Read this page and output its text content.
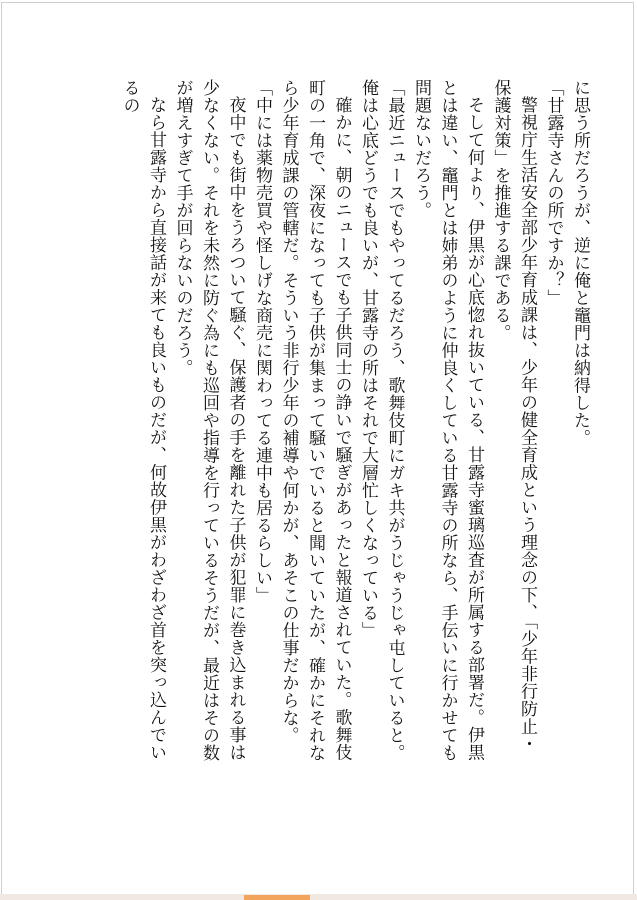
に思う所だろうが、逆に俺と竈門は納得した。

「甘露寺さんの所ですか？」

警視庁生活安全部少年育成課は、少年の健全育成という理念の下、「少年非行防止・保護対策」を推進する課である。

そして何より、伊黒が心底惚れ抜いている、甘露寺蜜璃巡査が所属する部署だ。伊黒とは違い、竈門とは姉弟のように仲良くしている甘露寺の所なら、手伝いに行かせても問題ないだろう。

「最近ニュースでもやってるだろう、歌舞伎町にガキ共がうじゃうじゃ屯していると。俺は心底どうでも良いが、甘露寺の所はそれで大層忙しくなっている」

確かに、朝のニュースでも子供同士の諍いで騒ぎがあったと報道されていた。歌舞伎町の一角で、深夜になっても子供が集まって騒いでいると聞いていたが、確かにそれなら少年育成課の管轄だ。そういう非行少年の補導や何かが、あそこの仕事だからな。

「中には薬物売買や怪しげな商売に関わってる連中も居るらしい」

夜中でも街中をうろついて騒ぐ、保護者の手を離れた子供が犯罪に巻き込まれる事は少なくない。それを未然に防ぐ為にも巡回や指導を行っているそうだが、最近はその数が増えすぎて手が回らないのだろう。

なら甘露寺から直接話が来ても良いものだが、何故伊黒がわざわざ首を突っ込んでいるの
